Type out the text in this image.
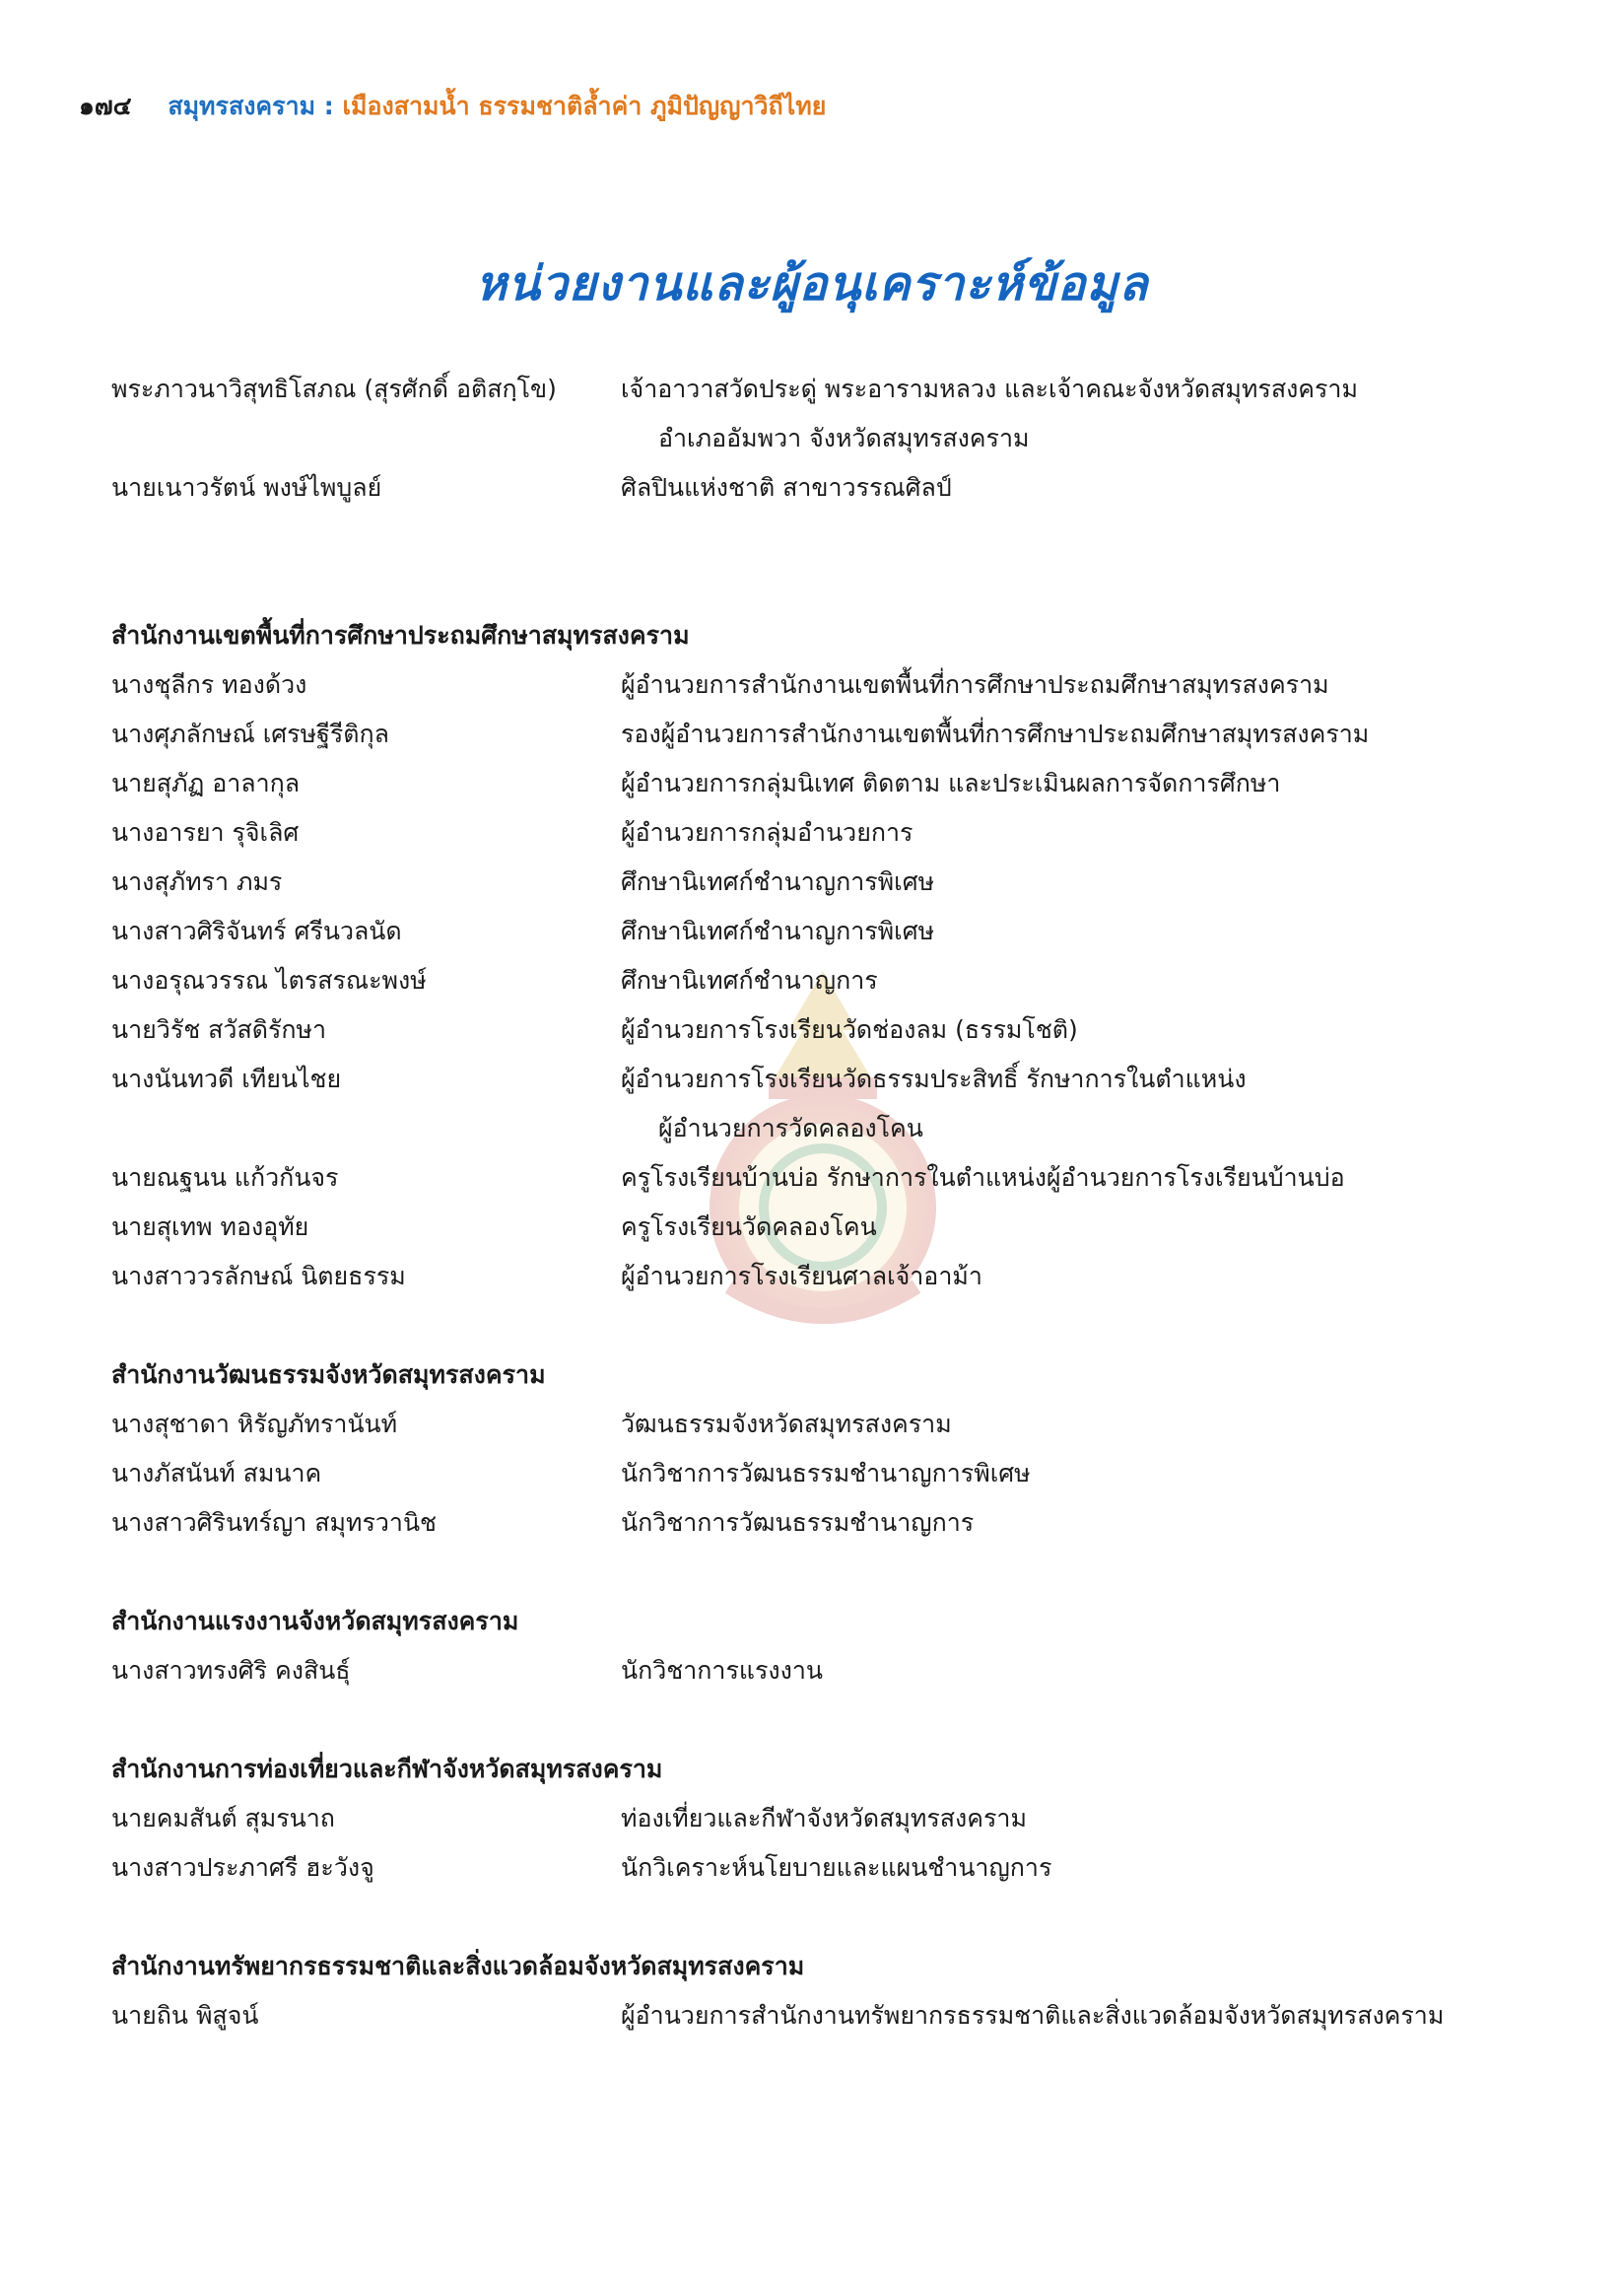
๑๗๔ สมุทรสงคราม : เมืองสามน้ำ ธรรมชาติล้ำค่า ภูมิปัญญาวิถีไทย
หน่วยงานและผู้อนุเคราะห์ข้อมูล
พระภาวนาวิสุทธิโสภณ (สุรศักดิ์ อติสกฺโข)	เจ้าอาวาสวัดประดู่ พระอารามหลวง และเจ้าคณะจังหวัดสมุทรสงคราม
อำเภออัมพวา จังหวัดสมุทรสงคราม
นายเนาวรัตน์ พงษ์ไพบูลย์	ศิลปินแห่งชาติ สาขาวรรณศิลป์
สำนักงานเขตพื้นที่การศึกษาประถมศึกษาสมุทรสงคราม
นางชุลีกร ทองด้วง	ผู้อำนวยการสำนักงานเขตพื้นที่การศึกษาประถมศึกษาสมุทรสงคราม
นางศุภลักษณ์ เศรษฐีรีติกุล	รองผู้อำนวยการสำนักงานเขตพื้นที่การศึกษาประถมศึกษาสมุทรสงคราม
นายสุภัฏ อาลากุล	ผู้อำนวยการกลุ่มนิเทศ ติดตาม และประเมินผลการจัดการศึกษา
นางอารยา รุจิเลิศ	ผู้อำนวยการกลุ่มอำนวยการ
นางสุภัทรา ภมร	ศึกษานิเทศก์ชำนาญการพิเศษ
นางสาวศิริจันทร์ ศรีนวลนัด	ศึกษานิเทศก์ชำนาญการพิเศษ
นางอรุณวรรณ ไตรสรณะพงษ์	ศึกษานิเทศก์ชำนาญการ
นายวิรัช สวัสดิรักษา	ผู้อำนวยการโรงเรียนวัดช่องลม (ธรรมโชติ)
นางนันทวดี เทียนไชย	ผู้อำนวยการโรงเรียนวัดธรรมประสิทธิ์ รักษาการในตำแหน่ง
ผู้อำนวยการวัดคลองโคน
นายณฐนน แก้วกันจร	ครูโรงเรียนบ้านบ่อ รักษาการในตำแหน่งผู้อำนวยการโรงเรียนบ้านบ่อ
นายสุเทพ ทองอุทัย	ครูโรงเรียนวัดคลองโคน
นางสาววรลักษณ์ นิตยธรรม	ผู้อำนวยการโรงเรียนศาลเจ้าอาม้า
สำนักงานวัฒนธรรมจังหวัดสมุทรสงคราม
นางสุชาดา หิรัญภัทรานันท์	วัฒนธรรมจังหวัดสมุทรสงคราม
นางภัสนันท์ สมนาค	นักวิชาการวัฒนธรรมชำนาญการพิเศษ
นางสาวศิรินทร์ญา สมุทรวานิช	นักวิชาการวัฒนธรรมชำนาญการ
สำนักงานแรงงานจังหวัดสมุทรสงคราม
นางสาวทรงศิริ คงสินธุ์	นักวิชาการแรงงาน
สำนักงานการท่องเที่ยวและกีฬาจังหวัดสมุทรสงคราม
นายคมสันต์ สุมรนาถ	ท่องเที่ยวและกีฬาจังหวัดสมุทรสงคราม
นางสาวประภาศรี ฮะวังจู	นักวิเคราะห์นโยบายและแผนชำนาญการ
สำนักงานทรัพยากรธรรมชาติและสิ่งแวดล้อมจังหวัดสมุทรสงคราม
นายถิน พิสูจน์	ผู้อำนวยการสำนักงานทรัพยากรธรรมชาติและสิ่งแวดล้อมจังหวัดสมุทรสงคราม
